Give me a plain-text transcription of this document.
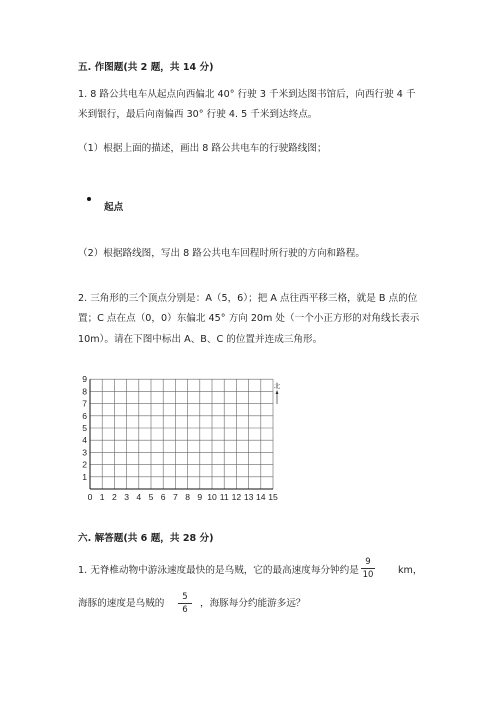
五. 作图题(共 2 题，共 14 分)
1. 8 路公共电车从起点向西偏北 40° 行驶 3 千米到达图书馆后，向西行驶 4 千
米到银行，最后向南偏西 30° 行驶 4. 5 千米到达终点。
（1）根据上面的描述，画出 8 路公共电车的行驶路线图；
起点
（2）根据路线图，写出 8 路公共电车回程时所行驶的方向和路程。
2. 三角形的三个顶点分别是：A（5，6）；把 A 点往西平移三格，就是 B 点的位
置；C 点在点（0，0）东偏北 45° 方向 20m 处（一个小正方形的对角线长表示
10m）。请在下图中标出 A、B、C 的位置并连成三角形。
0 1 2 3 4 5 6 7 8 9 10 11 12 13 14 15
1
2
3
4
5
6
7
8
9
北
六. 解答题(共 6 题，共 28 分)
1. 无脊椎动物中游泳速度最快的是乌贼，它的最高速度每分钟约是
9
10	km，
海豚的速度是乌贼的
5
6
，海豚每分约能游多远？
